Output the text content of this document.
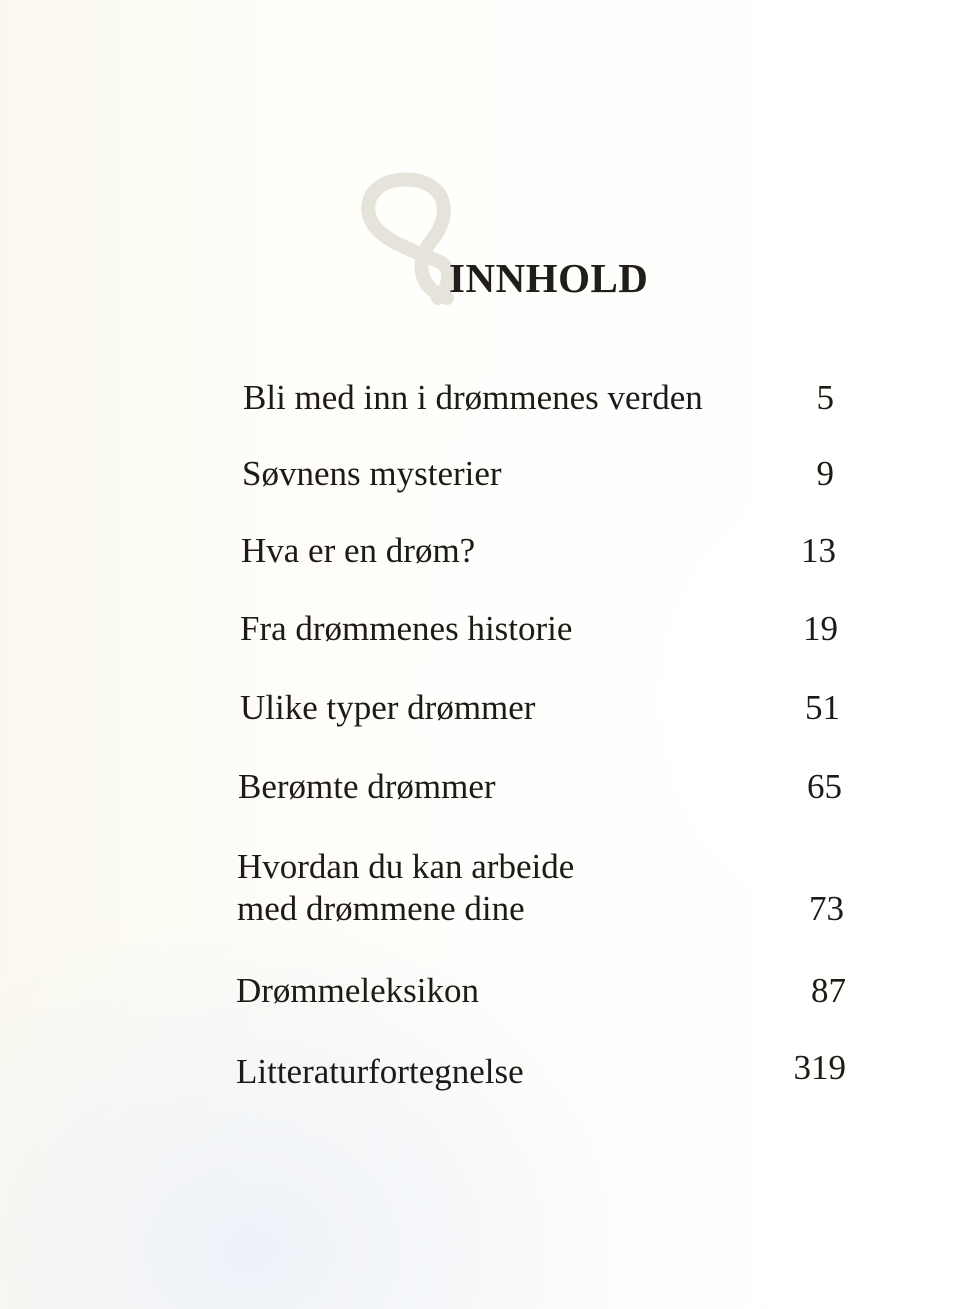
INNHOLD
Bli med inn i drømmenes verden	5
Søvnens mysterier	9
Hva er en drøm?	13
Fra drømmenes historie	19
Ulike typer drømmer	51
Berømte drømmer	65
Hvordan du kan arbeide
med drømmene dine	73
Drømmeleksikon	87
Litteraturfortegnelse	319
